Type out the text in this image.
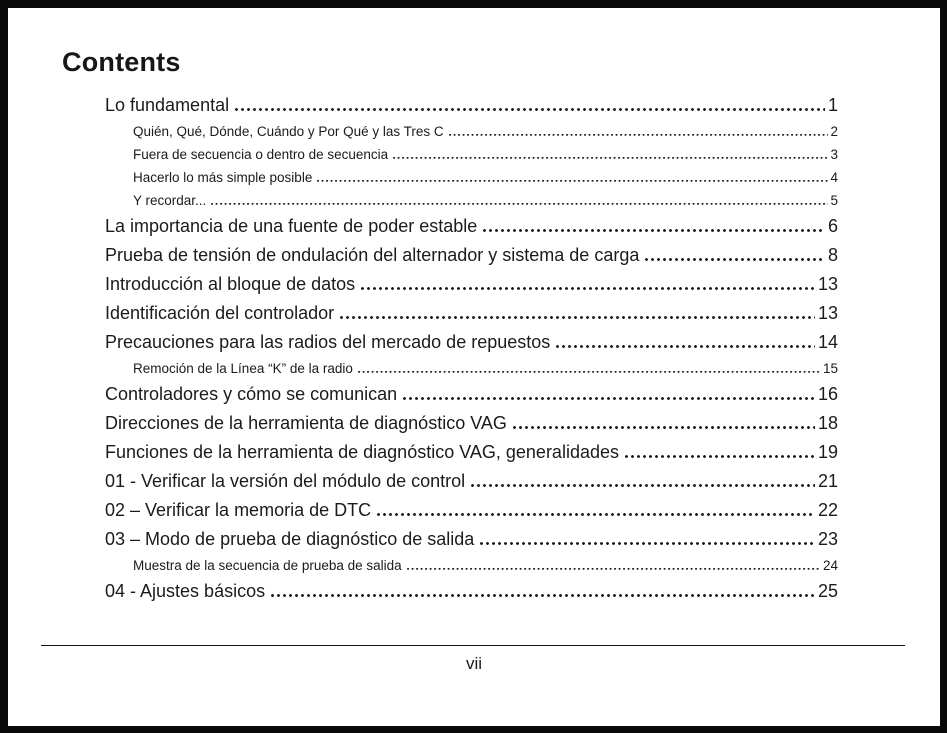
Contents
Lo fundamental	1
Quién, Qué, Dónde, Cuándo y Por Qué y las Tres C	2
Fuera de secuencia o dentro de secuencia	3
Hacerlo lo más simple posible	4
Y recordar...	5
La importancia de una fuente de poder estable	6
Prueba de tensión de ondulación del alternador y sistema de carga	8
Introducción al bloque de datos	13
Identificación del controlador	13
Precauciones para las radios del mercado de repuestos	14
Remoción de la Línea “K” de la radio	15
Controladores y cómo se comunican	16
Direcciones de la herramienta de diagnóstico VAG	18
Funciones de la herramienta de diagnóstico VAG, generalidades	19
01 - Verificar la versión del módulo de control	21
02 – Verificar la memoria de DTC	22
03 – Modo de prueba de diagnóstico de salida	23
Muestra de la secuencia de prueba de salida	24
04 - Ajustes básicos	25
vii
